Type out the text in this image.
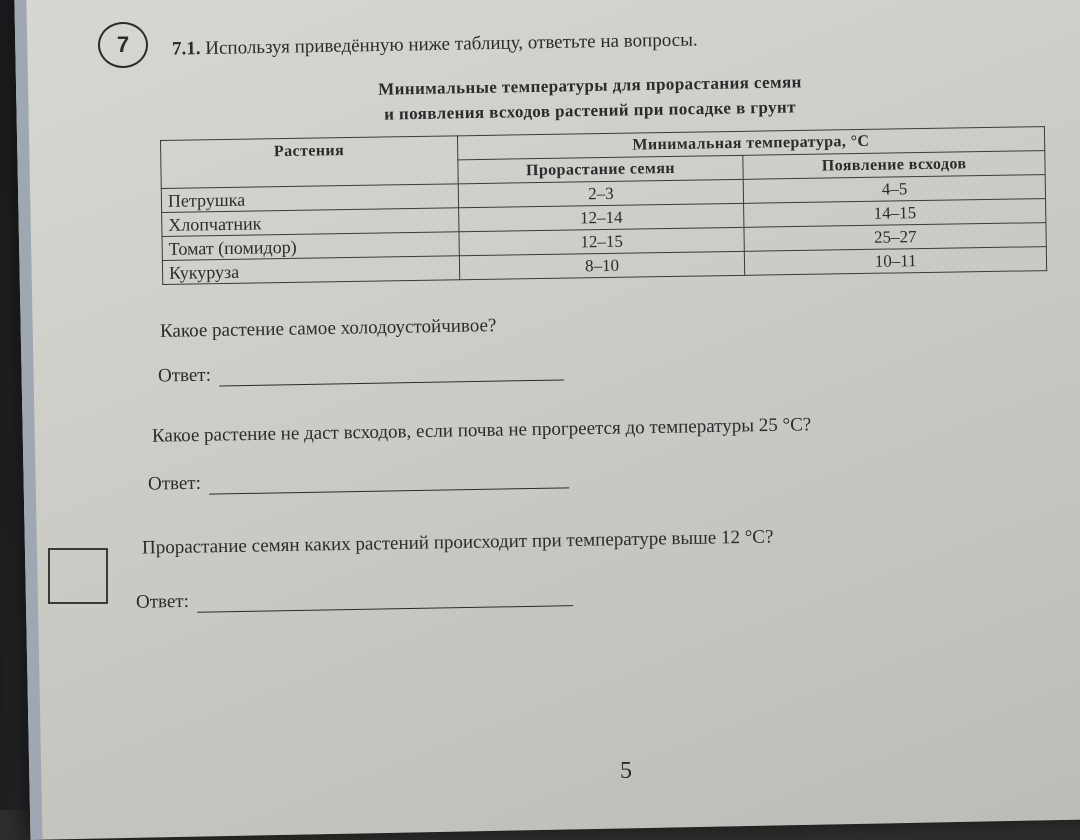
7 7.1. Используя приведённую ниже таблицу, ответьте на вопросы.
Минимальные температуры для прорастания семян
и появления всходов растений при посадке в грунт
Растения	Минимальная температура, °С	
	Прорастание семян	Появление всходов
Петрушка	2–3	4–5
Хлопчатник	12–14	14–15
Томат (помидор)	12–15	25–27
Кукуруза	8–10	10–11
Какое растение самое холодоустойчивое?
Ответ:
Какое растение не даст всходов, если почва не прогреется до температуры 25 °С?
Ответ:
Прорастание семян каких растений происходит при температуре выше 12 °С?
Ответ:
5
